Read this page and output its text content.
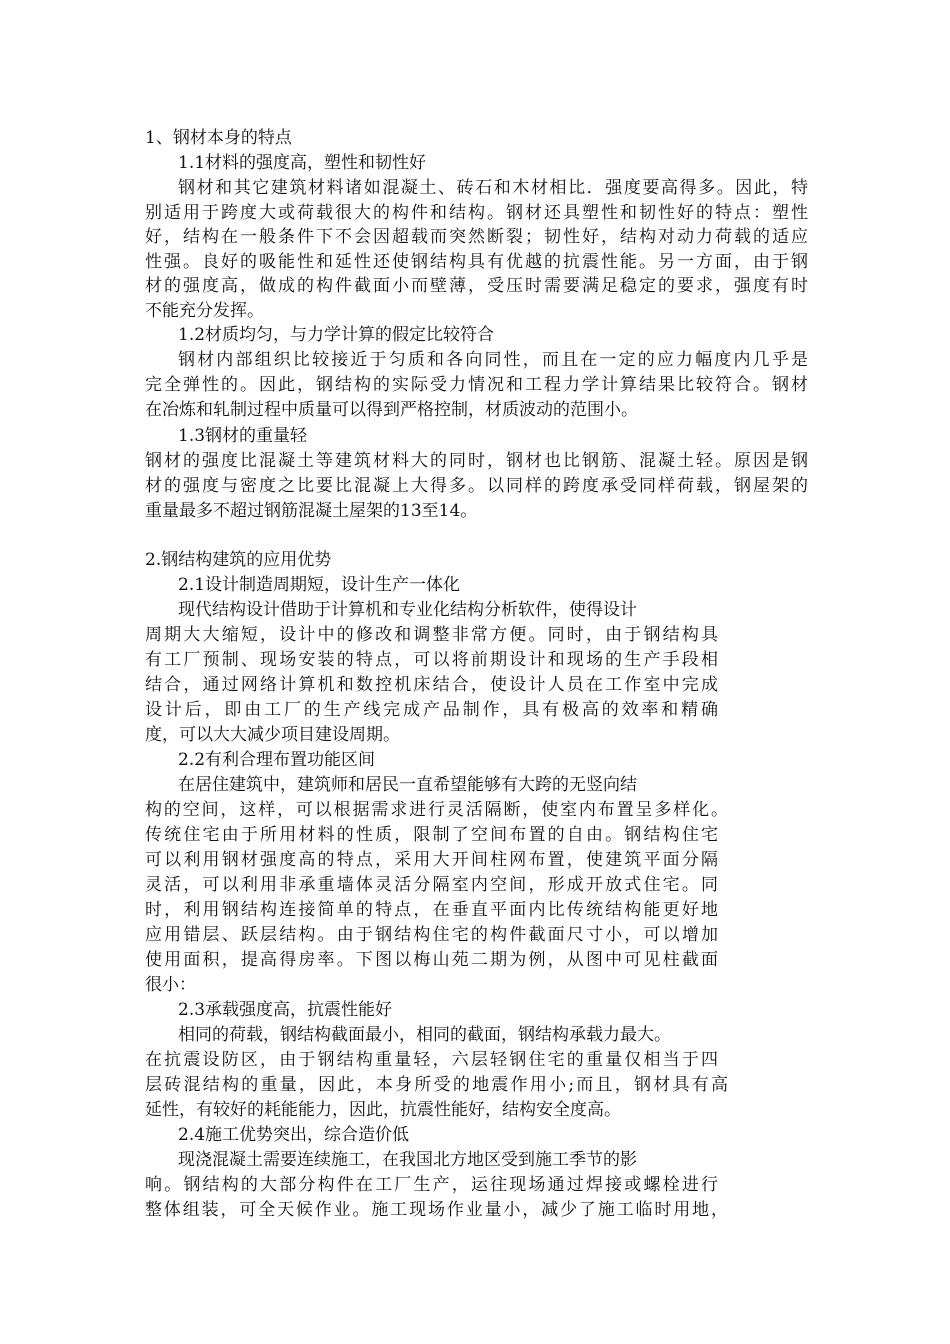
1、钢材本身的特点
1.1材料的强度高，塑性和韧性好
钢材和其它建筑材料诸如混凝土、砖石和木材相比．强度要高得多。因此，特
别适用于跨度大或荷载很大的构件和结构。钢材还具塑性和韧性好的特点：塑性
好，结构在一般条件下不会因超载而突然断裂；韧性好，结构对动力荷载的适应
性强。良好的吸能性和延性还使钢结构具有优越的抗震性能。另一方面，由于钢
材的强度高，做成的构件截面小而壁薄，受压时需要满足稳定的要求，强度有时
不能充分发挥。
1.2材质均匀，与力学计算的假定比较符合
钢材内部组织比较接近于匀质和各向同性，而且在一定的应力幅度内几乎是
完全弹性的。因此，钢结构的实际受力情况和工程力学计算结果比较符合。钢材
在冶炼和轧制过程中质量可以得到严格控制，材质波动的范围小。
1.3钢材的重量轻
钢材的强度比混凝土等建筑材料大的同时，钢材也比钢筋、混凝土轻。原因是钢
材的强度与密度之比要比混凝上大得多。以同样的跨度承受同样荷载，钢屋架的
重量最多不超过钢筋混凝土屋架的13至14。
2.钢结构建筑的应用优势
2.1设计制造周期短，设计生产一体化
现代结构设计借助于计算机和专业化结构分析软件，使得设计
周期大大缩短，设计中的修改和调整非常方便。同时，由于钢结构具
有工厂预制、现场安装的特点，可以将前期设计和现场的生产手段相
结合，通过网络计算机和数控机床结合，使设计人员在工作室中完成
设计后，即由工厂的生产线完成产品制作，具有极高的效率和精确
度，可以大大减少项目建设周期。
2.2有利合理布置功能区间
在居住建筑中，建筑师和居民一直希望能够有大跨的无竖向结
构的空间，这样，可以根据需求进行灵活隔断，使室内布置呈多样化。
传统住宅由于所用材料的性质，限制了空间布置的自由。钢结构住宅
可以利用钢材强度高的特点，采用大开间柱网布置，使建筑平面分隔
灵活，可以利用非承重墙体灵活分隔室内空间，形成开放式住宅。同
时，利用钢结构连接简单的特点，在垂直平面内比传统结构能更好地
应用错层、跃层结构。由于钢结构住宅的构件截面尺寸小，可以增加
使用面积，提高得房率。下图以梅山苑二期为例，从图中可见柱截面
很小：
2.3承载强度高，抗震性能好
相同的荷载，钢结构截面最小，相同的截面，钢结构承载力最大。
在抗震设防区，由于钢结构重量轻，六层轻钢住宅的重量仅相当于四
层砖混结构的重量，因此，本身所受的地震作用小;而且，钢材具有高
延性，有较好的耗能能力，因此，抗震性能好，结构安全度高。
2.4施工优势突出，综合造价低
现浇混凝土需要连续施工，在我国北方地区受到施工季节的影
响。钢结构的大部分构件在工厂生产，运往现场通过焊接或螺栓进行
整体组装，可全天候作业。施工现场作业量小，减少了施工临时用地，
